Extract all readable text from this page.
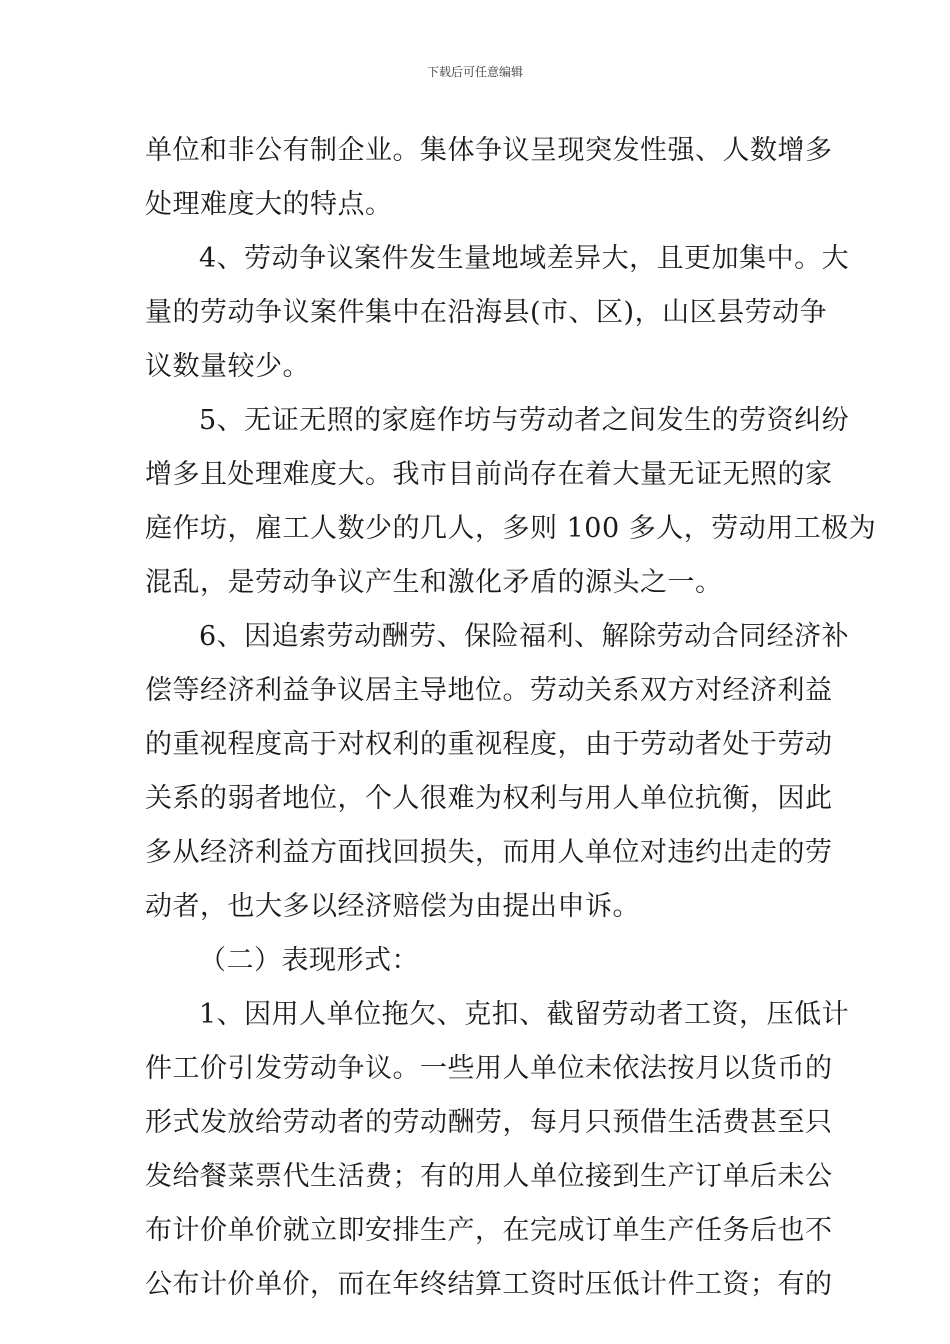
下载后可任意编辑
单位和非公有制企业。集体争议呈现突发性强、人数增多
处理难度大的特点。
4、劳动争议案件发生量地域差异大，且更加集中。大
量的劳动争议案件集中在沿海县(市、区)，山区县劳动争
议数量较少。
5、无证无照的家庭作坊与劳动者之间发生的劳资纠纷
增多且处理难度大。我市目前尚存在着大量无证无照的家
庭作坊，雇工人数少的几人，多则 100 多人，劳动用工极为
混乱，是劳动争议产生和激化矛盾的源头之一。
6、因追索劳动酬劳、保险福利、解除劳动合同经济补
偿等经济利益争议居主导地位。劳动关系双方对经济利益
的重视程度高于对权利的重视程度，由于劳动者处于劳动
关系的弱者地位，个人很难为权利与用人单位抗衡，因此
多从经济利益方面找回损失，而用人单位对违约出走的劳
动者，也大多以经济赔偿为由提出申诉。
（二）表现形式：
1、因用人单位拖欠、克扣、截留劳动者工资，压低计
件工价引发劳动争议。一些用人单位未依法按月以货币的
形式发放给劳动者的劳动酬劳，每月只预借生活费甚至只
发给餐菜票代生活费；有的用人单位接到生产订单后未公
布计价单价就立即安排生产，在完成订单生产任务后也不
公布计价单价，而在年终结算工资时压低计件工资；有的
